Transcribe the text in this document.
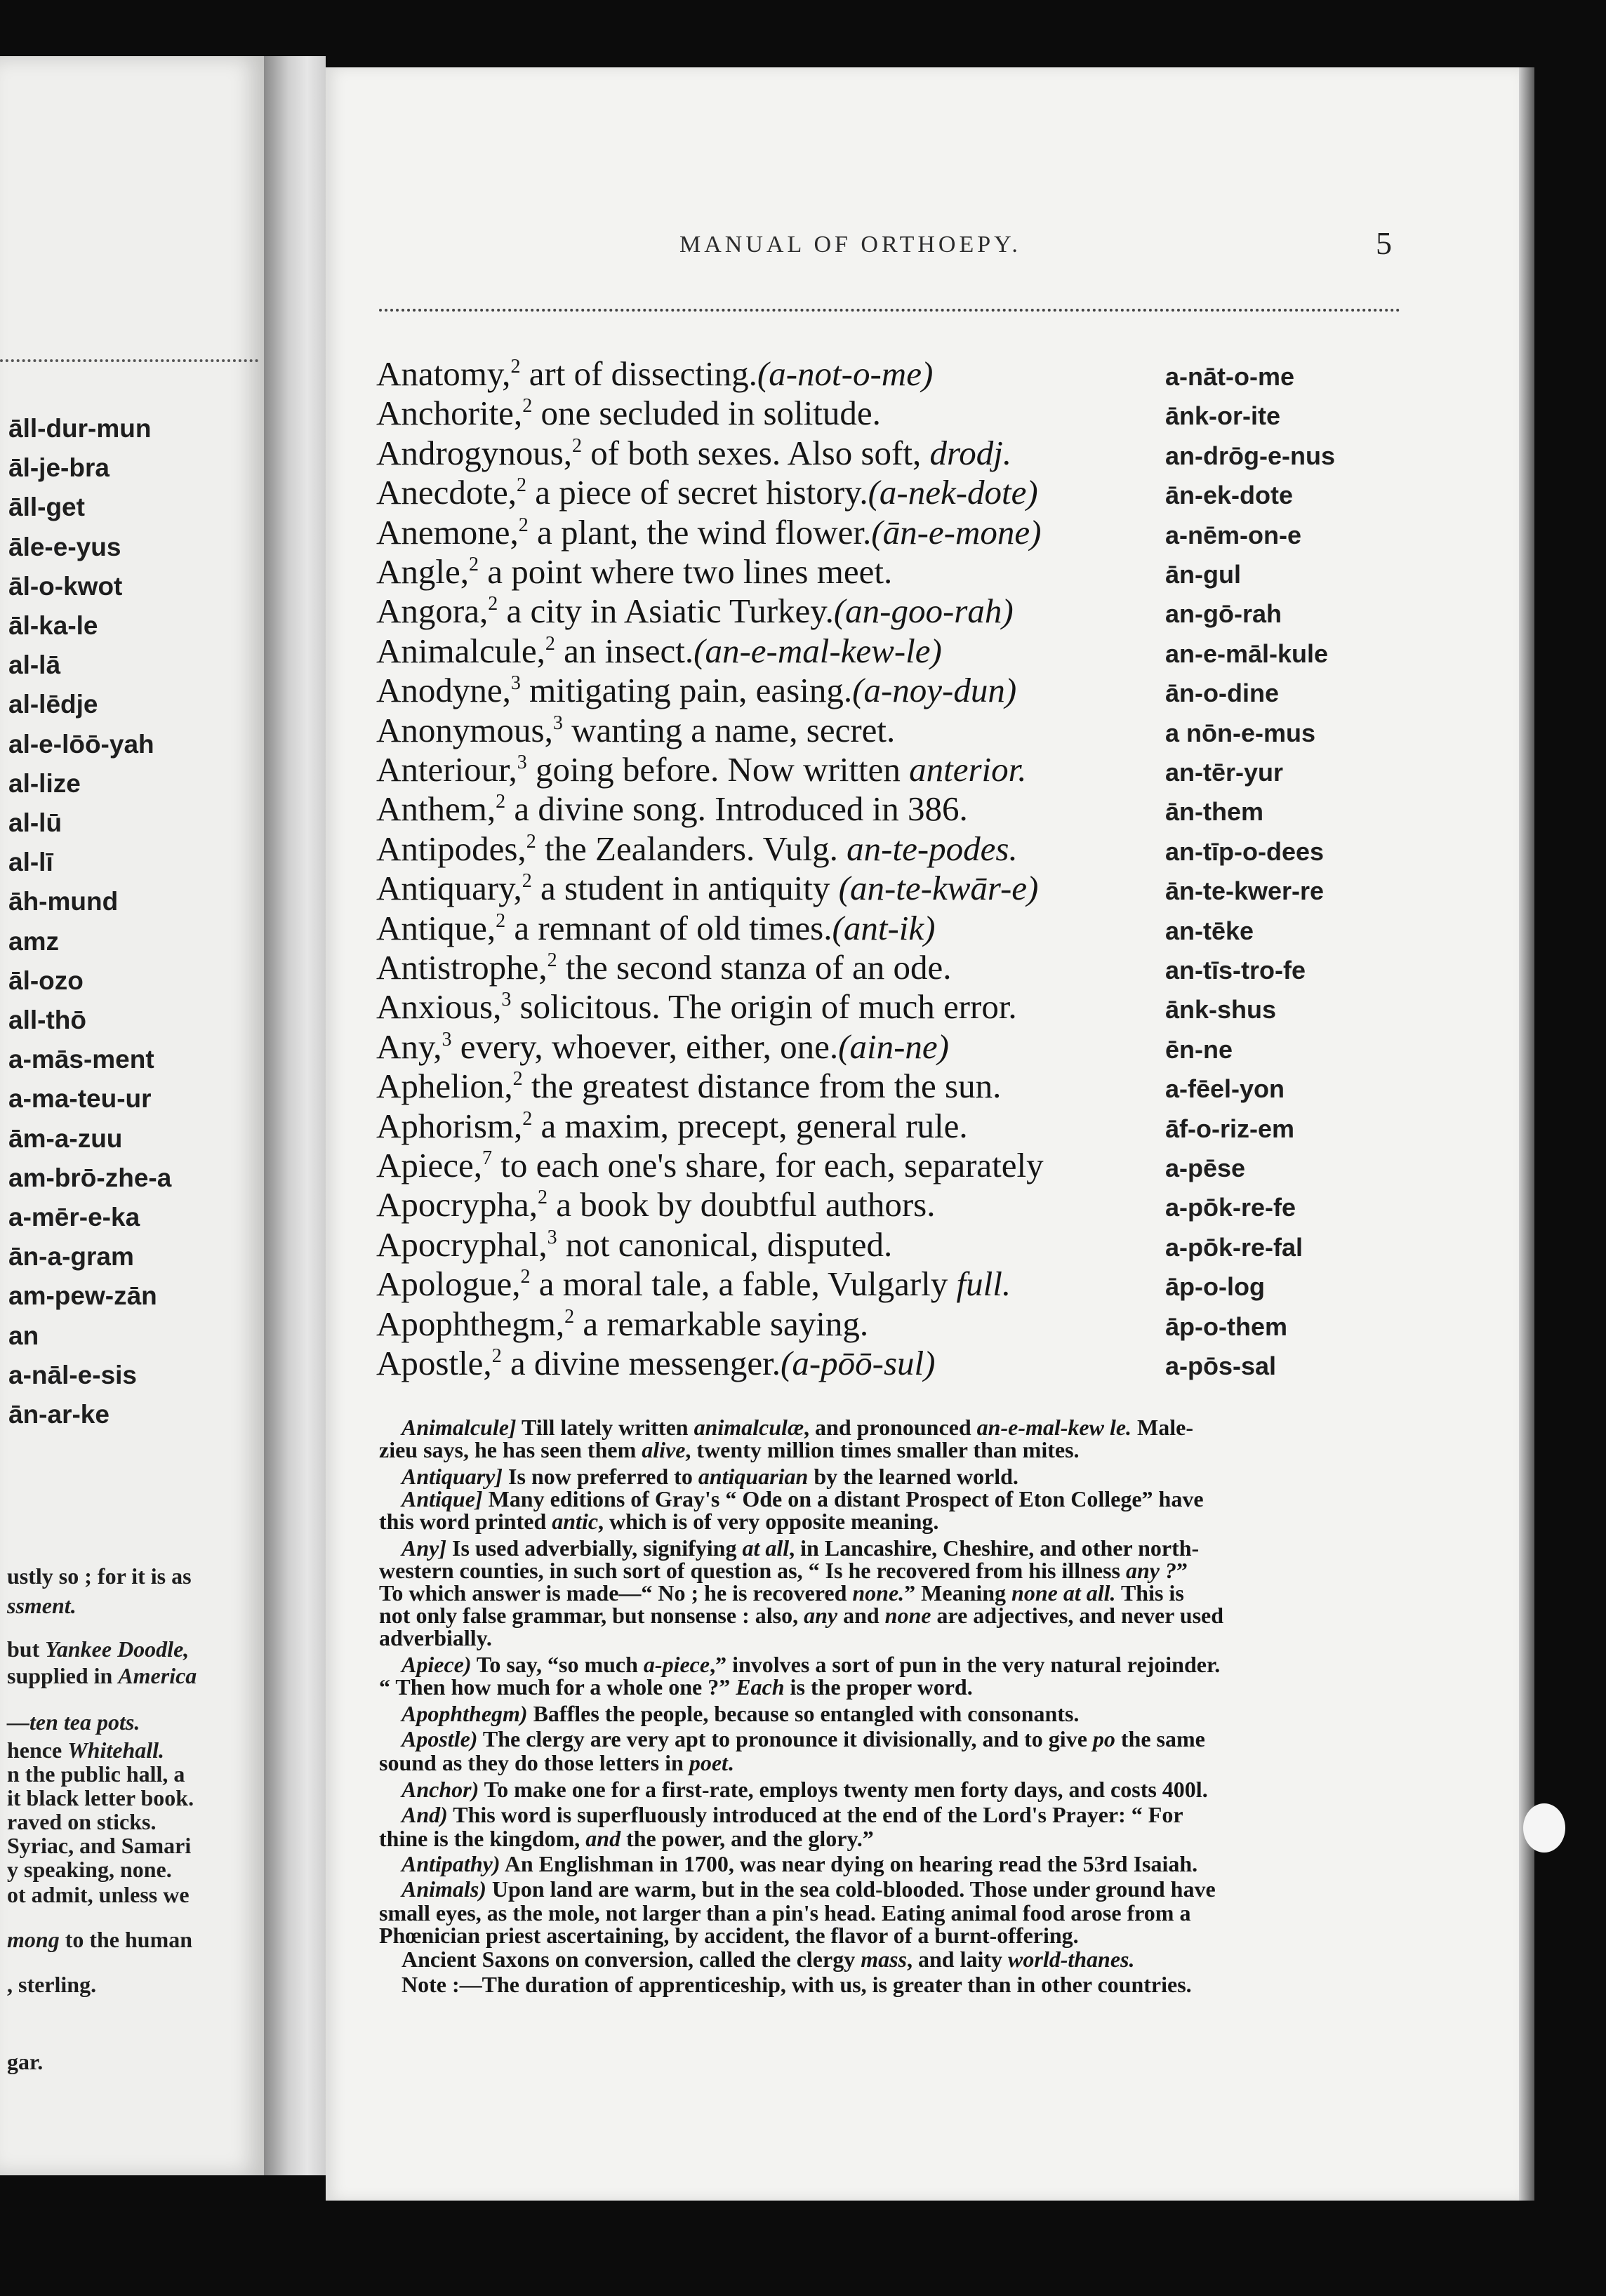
āll-dur-mun
āl-je-bra
āll-get
āle-e-yus
āl-o-kwot
āl-ka-le
al-lā
al-lēdje
al-e-lōō-yah
al-lize
al-lū
al-lī
āh-mund
amz
āl-ozo
all-thō
a-mās-ment
a-ma-teu-ur
ām-a-zuu
am-brō-zhe-a
a-mēr-e-ka
ān-a-gram
am-pew-zān
an
a-nāl-e-sis
ān-ar-ke
ustly so ; for it is as
ssment.
but Yankee Doodle,
supplied in America
—ten tea pots.
hence Whitehall.
n the public hall, a
it black letter book.
raved on sticks.
Syriac, and Samari
y speaking, none.
ot admit, unless we
mong to the human
, sterling.
gar.
MANUAL OF ORTHOEPY.	5
Anatomy,$^2$ art of dissecting.(a-not-o-me)	a-nāt-o-me
Anchorite,$^2$ one secluded in solitude.	ānk-or-ite
Androgynous,$^2$ of both sexes. Also soft, drodj.	an-drōg-e-nus
Anecdote,$^2$ a piece of secret history.(a-nek-dote)	ān-ek-dote
Anemone,$^2$ a plant, the wind flower.(ān-e-mone)	a-nēm-on-e
Angle,$^2$ a point where two lines meet.	ān-gul
Angora,$^2$ a city in Asiatic Turkey.(an-goo-rah)	an-gō-rah
Animalcule,$^2$ an insect.(an-e-mal-kew-le)	an-e-māl-kule
Anodyne,$^3$ mitigating pain, easing.(a-noy-dun)	ān-o-dine
Anonymous,$^3$ wanting a name, secret.	a nōn-e-mus
Anteriour,$^3$ going before. Now written anterior.	an-tēr-yur
Anthem,$^2$ a divine song. Introduced in 386.	ān-them
Antipodes,$^2$ the Zealanders. Vulg. an-te-podes.	an-tīp-o-dees
Antiquary,$^2$ a student in antiquity (an-te-kwār-e)	ān-te-kwer-re
Antique,$^2$ a remnant of old times.(ant-ik)	an-tēke
Antistrophe,$^2$ the second stanza of an ode.	an-tīs-tro-fe
Anxious,$^3$ solicitous. The origin of much error.	ānk-shus
Any,$^3$ every, whoever, either, one.(ain-ne)	ēn-ne
Aphelion,$^2$ the greatest distance from the sun.	a-fēel-yon
Aphorism,$^2$ a maxim, precept, general rule.	āf-o-riz-em
Apiece,$^7$ to each one's share, for each, separately	a-pēse
Apocrypha,$^2$ a book by doubtful authors.	a-pōk-re-fe
Apocryphal,$^3$ not canonical, disputed.	a-pōk-re-fal
Apologue,$^2$ a moral tale, a fable, Vulgarly full.	āp-o-log
Apophthegm,$^2$ a remarkable saying.	āp-o-them
Apostle,$^2$ a divine messenger.(a-pōō-sul)	a-pōs-sal
Animalcule] Till lately written animalculæ, and pronounced an-e-mal-kew le. Male-
zieu says, he has seen them alive, twenty million times smaller than mites.
Antiquary] Is now preferred to antiquarian by the learned world.
Antique] Many editions of Gray's “ Ode on a distant Prospect of Eton College” have
this word printed antic, which is of very opposite meaning.
Any] Is used adverbially, signifying at all, in Lancashire, Cheshire, and other north-
western counties, in such sort of question as, “ Is he recovered from his illness any ?”
To which answer is made—“ No ; he is recovered none.” Meaning none at all. This is
not only false grammar, but nonsense : also, any and none are adjectives, and never used
adverbially.
Apiece) To say, “so much a-piece,” involves a sort of pun in the very natural rejoinder.
“ Then how much for a whole one ?” Each is the proper word.
Apophthegm) Baffles the people, because so entangled with consonants.
Apostle) The clergy are very apt to pronounce it divisionally, and to give po the same
sound as they do those letters in poet.
Anchor) To make one for a first-rate, employs twenty men forty days, and costs 400l.
And) This word is superfluously introduced at the end of the Lord's Prayer: “ For
thine is the kingdom, and the power, and the glory.”
Antipathy) An Englishman in 1700, was near dying on hearing read the 53rd Isaiah.
Animals) Upon land are warm, but in the sea cold-blooded. Those under ground have
small eyes, as the mole, not larger than a pin's head. Eating animal food arose from a
Phœnician priest ascertaining, by accident, the flavor of a burnt-offering.
Ancient Saxons on conversion, called the clergy mass, and laity world-thanes.
Note :—The duration of apprenticeship, with us, is greater than in other countries.
